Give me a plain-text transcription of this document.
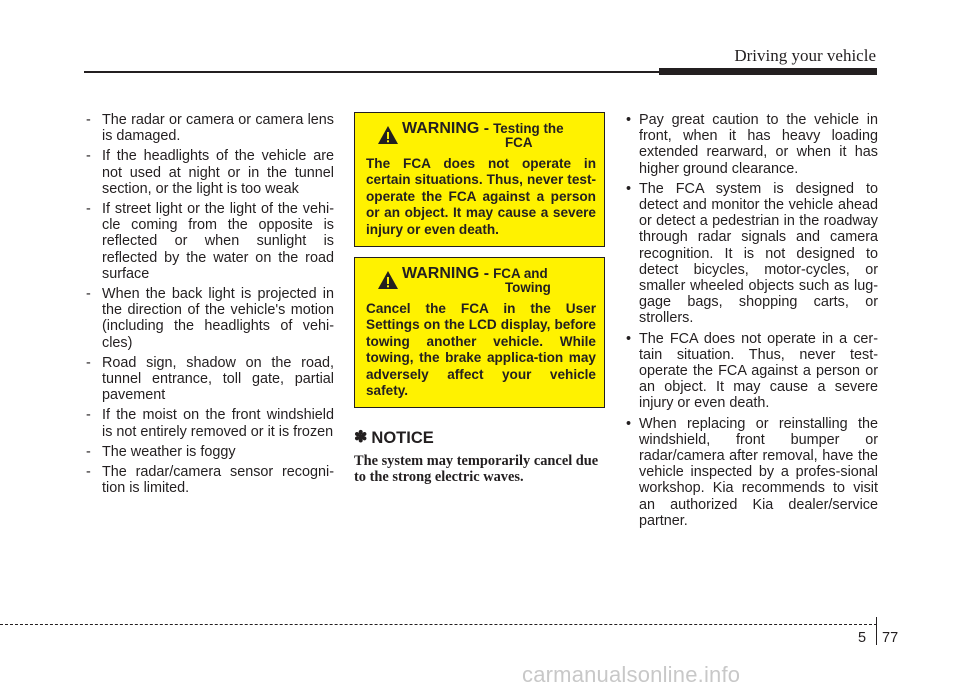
Driving your vehicle
- The radar or camera or camera lens is damaged.
- If the headlights of the vehicle are not used at night or in the tunnel section, or the light is too weak
- If street light or the light of the vehi-cle coming from the opposite is reflected or when sunlight is reflected by the water on the road surface
- When the back light is projected in the direction of the vehicle's motion (including the headlights of vehi-cles)
- Road sign, shadow on the road, tunnel entrance, toll gate, partial pavement
- If the moist on the front windshield is not entirely removed or it is frozen
- The weather is foggy
- The radar/camera sensor recogni-tion is limited.
WARNING - Testing the
FCA
The FCA does not operate in certain situations. Thus, never test-operate the FCA against a person or an object. It may cause a severe injury or even death.
WARNING - FCA and
Towing
Cancel the FCA in the User Settings on the LCD display, before towing another vehicle. While towing, the brake applica-tion may adversely affect your vehicle safety.
✽ NOTICE
The system may temporarily cancel due to the strong electric waves.
• Pay great caution to the vehicle in front, when it has heavy loading extended rearward, or when it has higher ground clearance.
• The FCA system is designed to detect and monitor the vehicle ahead or detect a pedestrian in the roadway through radar signals and camera recognition. It is not designed to detect bicycles, motor-cycles, or smaller wheeled objects such as lug- gage bags, shopping carts, or strollers.
• The FCA does not operate in a cer-tain situation. Thus, never test-operate the FCA against a person or an object. It may cause a severe injury or even death.
• When replacing or reinstalling the windshield, front bumper or radar/camera after removal, have the vehicle inspected by a profes-sional workshop. Kia recommends to visit an authorized Kia dealer/service partner.
5 77
carmanualsonline.info
